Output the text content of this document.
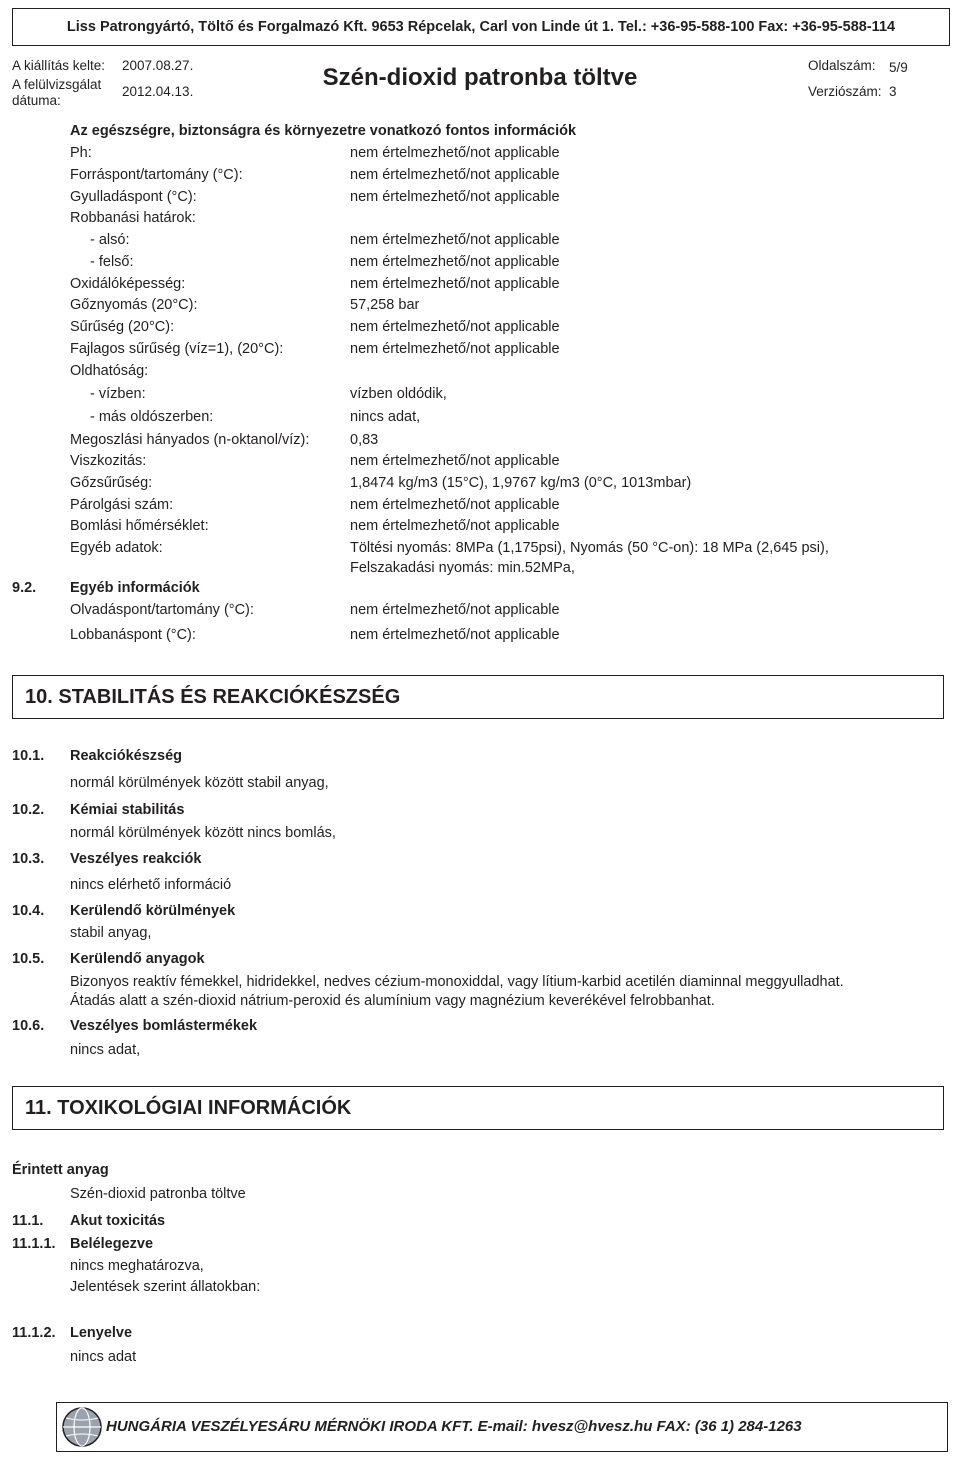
Liss Patrongyártó, Töltő és Forgalmazó Kft. 9653 Répcelak, Carl von Linde út 1. Tel.: +36-95-588-100 Fax: +36-95-588-114
A kiállítás kelte: 2007.08.27.
A felülvizsgálat
dátuma:
2012.04.13.
Szén-dioxid patronba töltve	Oldalszám: 5/9
Verziószám: 3
Az egészségre, biztonságra és környezetre vonatkozó fontos információk
Ph:	nem értelmezhető/not applicable
Forráspont/tartomány (°C):	nem értelmezhető/not applicable
Gyulladáspont (°C):	nem értelmezhető/not applicable
Robbanási határok:
- alsó:	nem értelmezhető/not applicable
- felső:	nem értelmezhető/not applicable
Oxidálóképesség:	nem értelmezhető/not applicable
Gőznyomás (20°C):	57,258 bar
Sűrűség (20°C):	nem értelmezhető/not applicable
Fajlagos sűrűség (víz=1), (20°C):	nem értelmezhető/not applicable
Oldhatóság:
- vízben:	vízben oldódik,
- más oldószerben:	nincs adat,
Megoszlási hányados (n-oktanol/víz):	0,83
Viszkozitás:	nem értelmezhető/not applicable
Gőzsűrűség:	1,8474 kg/m3 (15°C), 1,9767 kg/m3 (0°C, 1013mbar)
Párolgási szám:	nem értelmezhető/not applicable
Bomlási hőmérséklet:	nem értelmezhető/not applicable
Egyéb adatok:	Töltési nyomás: 8MPa (1,175psi), Nyomás (50 °C-on): 18 MPa (2,645 psi),
Felszakadási nyomás: min.52MPa,
9.2. Egyéb információk
Olvadáspont/tartomány (°C):	nem értelmezhető/not applicable
Lobbanáspont (°C):	nem értelmezhető/not applicable
10. STABILITÁS ÉS REAKCIÓKÉSZSÉG
10.1. Reakciókészség
normál körülmények között stabil anyag,
10.2. Kémiai stabilitás
normál körülmények között nincs bomlás,
10.3. Veszélyes reakciók
nincs elérhető információ
10.4. Kerülendő körülmények
stabil anyag,
10.5. Kerülendő anyagok
Bizonyos reaktív fémekkel, hidridekkel, nedves cézium-monoxiddal, vagy lítium-karbid acetilén diaminnal meggyulladhat.
Átadás alatt a szén-dioxid nátrium-peroxid és alumínium vagy magnézium keverékével felrobbanhat.
10.6. Veszélyes bomlástermékek
nincs adat,
11. TOXIKOLÓGIAI INFORMÁCIÓK
Érintett anyag
Szén-dioxid patronba töltve
11.1. Akut toxicitás
11.1.1. Belélegezve
nincs meghatározva,
Jelentések szerint állatokban:
11.1.2. Lenyelve
nincs adat
HUNGÁRIA VESZÉLYESÁRU MÉRNÖKI IRODA KFT. E-mail: hvesz@hvesz.hu FAX: (36 1) 284-1263
